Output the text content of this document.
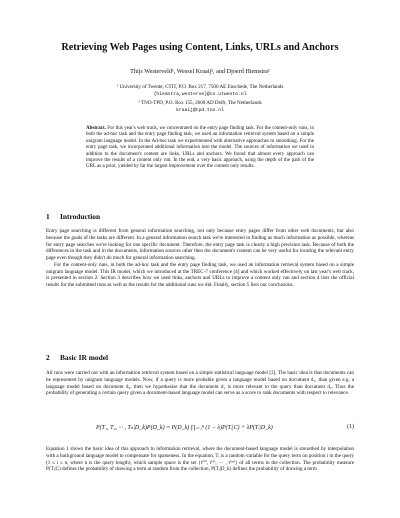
Retrieving Web Pages using Content, Links, URLs and Anchors
Thijs Westerveld¹, Wessel Kraaij², and Djoerd Hiemstra¹
¹ University of Twente, CTIT, P.O. Box 217, 7500 AE Enschede, The Netherlands
{hiemstra,westerve}@cs.utwente.nl
² TNO-TPD, P.O. Box 155, 2600 AD Delft, The Netherlands
kraaij@tpd.tno.nl
Abstract. For this year's web track, we concentrated on the entry page finding task. For the content-only runs, in both the ad-hoc task and the entry page finding task, we used an information retrieval system based on a simple unigram language model. In the Ad-hoc task we experimented with alternative approaches to smoothing. For the entry page task, we incorporated additional information into the model. The sources of information we used in addition to the document's content are links, URLs and anchors. We found that almost every approach can improve the results of a content only run. In the end, a very basic approach, using the depth of the path of the URL as a prior, yielded by far the largest improvement over the content only results.
1 Introduction

Entry page searching is different from general information searching, not only because entry pages differ from other web documents, but also because the goals of the tasks are different. In a general information search task we're interested in finding as much information as possible, whereas for entry page searches we're looking for one specific document. Therefore, the entry page task is clearly a high precision task. Because of both the differences in the task and in the documents, information sources other then the document's content can be very useful for locating the relevant entry page even though they didn't do much for general information searching.

For the content-only runs, in both the ad-hoc task and the entry page finding task, we used an information retrieval system based on a simple unigram language model. This IR model, which we introduced at the TREC-7 conference [4] and which worked effectively on last year's web track, is presented in section 2. Section 3 describes how we used links, anchors and URLs to improve a content only run and section 4 lists the official results for the submitted runs as well as the results for the additional runs we did. Finally, section 5 lists our conclusions.

2 Basic IR model

All runs were carried out with an information retrieval system based on a simple statistical language model [3]. The basic idea is that documents can be represented by unigram language models. Now, if a query is more probable given a language model based on document d₁, than given e.g. a language model based on document d₂, then we hypothesise that the document d₁ is more relevant to the query than document d₂. Thus the probability of generating a certain query given a document-based language model can serve as a score to rank documents with respect to relevance.

P(T₁, T₂, ··· , Tₙ|D_k)P(D_k) = P(D_k) ∏ᵢ₌₁ⁿ (1 − λ)P(Tᵢ|C) + λP(Tᵢ|D_k)	(1)

Equation 1 shows the basic idea of this approach to information retrieval, where the document-based language model is smoothed by interpolation with a background language model to compensate for sparseness. In the equation, Tᵢ is a random variable for the query term on position i in the query (1 ≤ i ≤ n, where n is the query length), which sample space is the set {t⁽⁰⁾, t⁽¹⁾, ··· , t⁽ᵐ⁾} of all terms in the collection. The probability measure P(Tᵢ|C) defines the probability of drawing a term at random from the collection, P(Tᵢ|D_k) defines the probability of drawing a term
